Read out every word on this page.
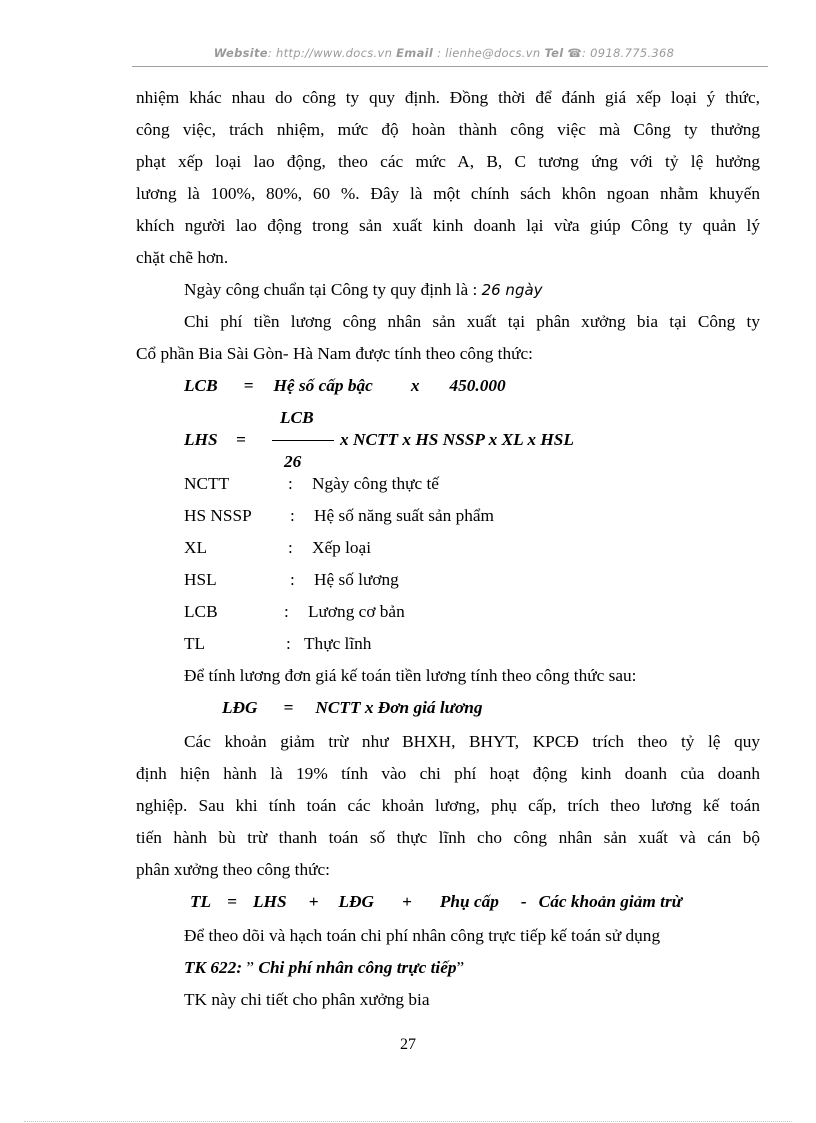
Website: http://www.docs.vn Email : lienhe@docs.vn Tel ☎: 0918.775.368
nhiệm khác nhau do công ty quy định. Đồng thời để đánh giá xếp loại ý thức,
công việc, trách nhiệm, mức độ hoàn thành công việc mà Công ty thưởng
phạt xếp loại lao động, theo các mức A, B, C tương ứng với tỷ lệ hưởng
lương là 100%, 80%, 60 %. Đây là một chính sách khôn ngoan nhằm khuyến
khích người lao động trong sản xuất kinh doanh lại vừa giúp Công ty quản lý
chặt chẽ hơn.
Ngày công chuẩn tại Công ty quy định là : 26 ngày
Chi phí tiền lương công nhân sản xuất tại phân xưởng bia tại Công ty
Cổ phần Bia Sài Gòn- Hà Nam được tính theo công thức:
LCB = Hệ số cấp bậc x 450.000
LCB
LHS =	x NCTT x HS NSSP x XL x HSL
26
NCTT	: Ngày công thực tế
HS NSSP : Hệ số năng suất sản phẩm
XL	: Xếp loại
HSL	: Hệ số lương
LCB	: Lương cơ bản
TL	: Thực lĩnh
Để tính lương đơn giá kế toán tiền lương tính theo công thức sau:
LĐG = NCTT x Đơn giá lương
Các khoản giảm trừ như BHXH, BHYT, KPCĐ trích theo tỷ lệ quy
định hiện hành là 19% tính vào chi phí hoạt động kinh doanh của doanh
nghiệp. Sau khi tính toán các khoản lương, phụ cấp, trích theo lương kế toán
tiến hành bù trừ thanh toán số thực lĩnh cho công nhân sản xuất và cán bộ
phân xưởng theo công thức:
TL = LHS + LĐG + Phụ cấp - Các khoản giảm trừ
Để theo dõi và hạch toán chi phí nhân công trực tiếp kế toán sử dụng
TK 622: ” Chi phí nhân công trực tiếp”
TK này chi tiết cho phân xưởng bia
27
